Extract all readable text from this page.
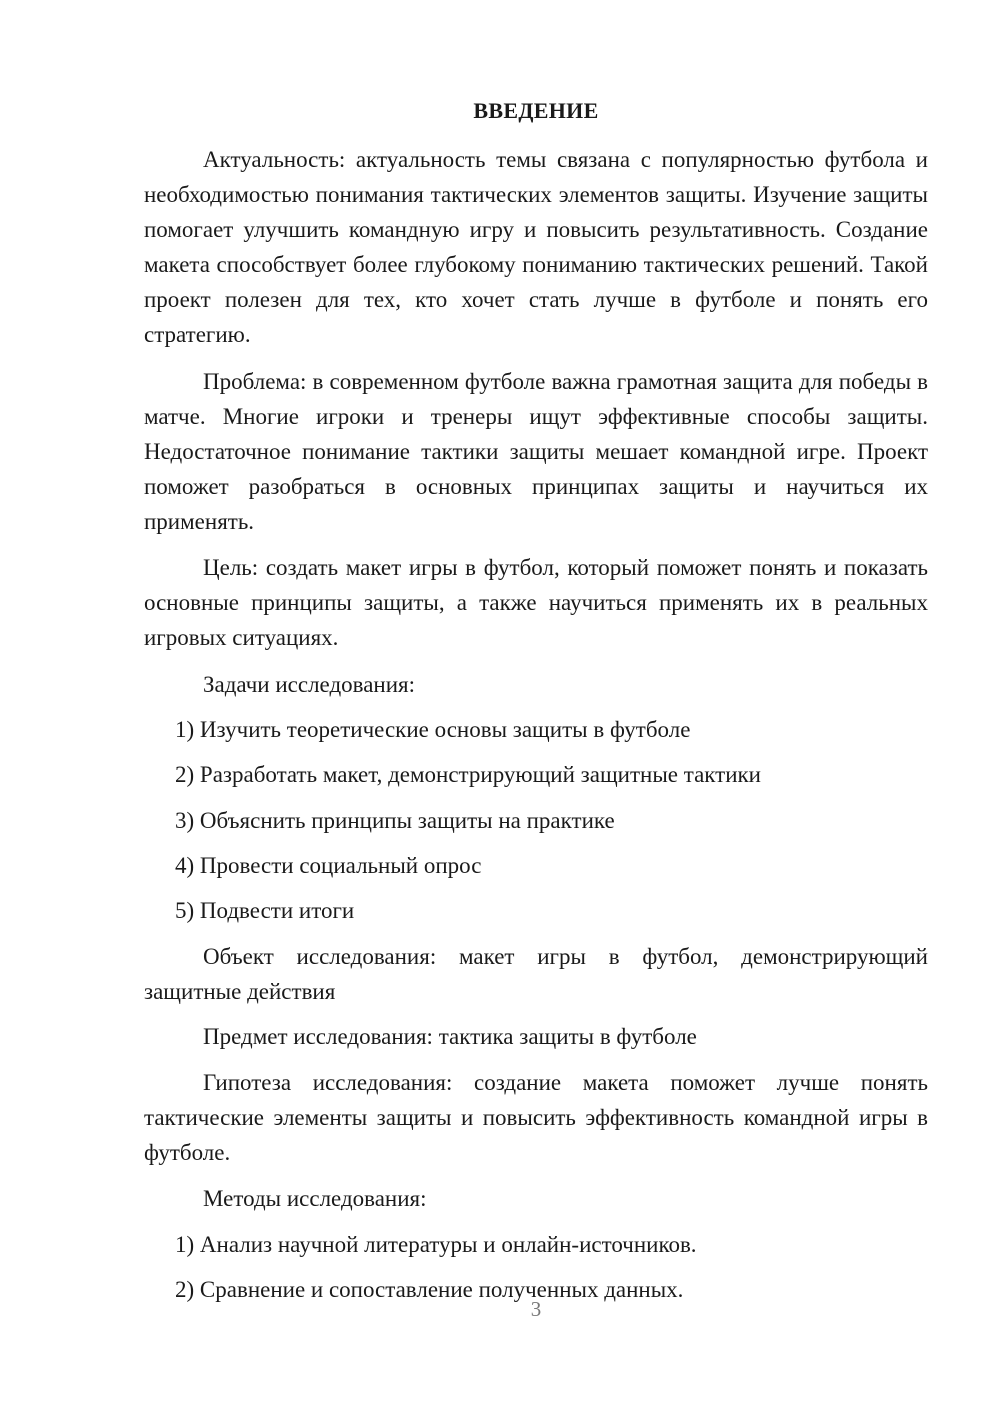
ВВЕДЕНИЕ

Актуальность: актуальность темы связана с популярностью футбола и необходимостью понимания тактических элементов защиты. Изучение защиты помогает улучшить командную игру и повысить результативность. Создание макета способствует более глубокому пониманию тактических решений. Такой проект полезен для тех, кто хочет стать лучше в футболе и понять его стратегию.

Проблема: в современном футболе важна грамотная защита для победы в матче. Многие игроки и тренеры ищут эффективные способы защиты. Недостаточное понимание тактики защиты мешает командной игре. Проект поможет разобраться в основных принципах защиты и научиться их применять.

Цель: создать макет игры в футбол, который поможет понять и показать основные принципы защиты, а также научиться применять их в реальных игровых ситуациях.

Задачи исследования:

1) Изучить теоретические основы защиты в футболе

2) Разработать макет, демонстрирующий защитные тактики

3) Объяснить принципы защиты на практике

4) Провести социальный опрос

5) Подвести итоги

Объект исследования: макет игры в футбол, демонстрирующий защитные действия

Предмет исследования: тактика защиты в футболе

Гипотеза исследования: создание макета поможет лучше понять тактические элементы защиты и повысить эффективность командной игры в футболе.

Методы исследования:

1) Анализ научной литературы и онлайн-источников.

2) Сравнение и сопоставление полученных данных.

3
